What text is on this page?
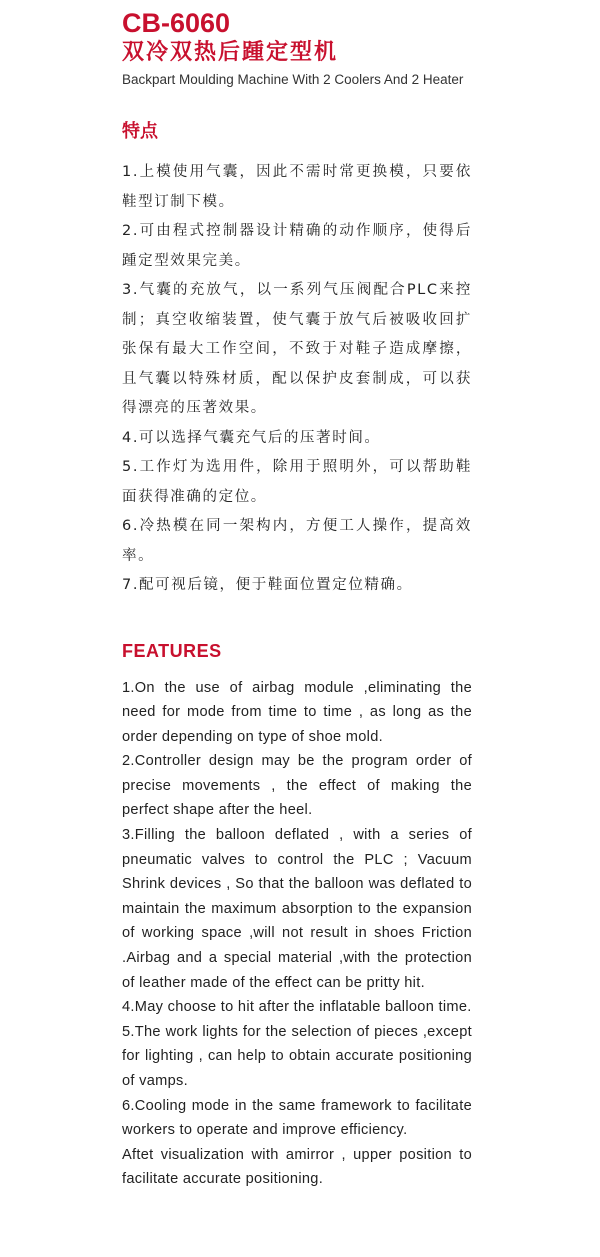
CB-6060
双冷双热后踵定型机
Backpart Moulding Machine With 2 Coolers And 2 Heater
特点
1.上模使用气囊，因此不需时常更换模，只要依鞋型订制下模。
2.可由程式控制器设计精确的动作顺序，使得后踵定型效果完美。
3.气囊的充放气，以一系列气压阀配合PLC来控制；真空收缩装置，使气囊于放气后被吸收回扩张保有最大工作空间，不致于对鞋子造成摩擦，且气囊以特殊材质，配以保护皮套制成，可以获得漂亮的压著效果。
4.可以选择气囊充气后的压著时间。
5.工作灯为选用件，除用于照明外，可以帮助鞋面获得准确的定位。
6.冷热模在同一架构内，方便工人操作，提高效率。
7.配可视后镜，便于鞋面位置定位精确。
FEATURES
1.On the use of airbag module ,eliminating the need for mode from time to time , as long as the order depending on type of shoe mold.
2.Controller design may be the program order of precise movements , the effect of making the perfect shape after the heel.
3.Filling the balloon deflated , with a series of pneumatic valves to control the PLC ; Vacuum Shrink devices , So that the balloon was deflated to maintain the maximum absorption to the expansion of working space ,will not result in shoes Friction .Airbag and a special material ,with the protection of leather made of the effect can be pritty hit.
4.May choose to hit after the inflatable balloon time.
5.The work lights for the selection of pieces ,except for lighting , can help to obtain accurate positioning of vamps.
6.Cooling mode in the same framework to facilitate workers to operate and improve efficiency.
Aftet visualization with amirror , upper position to facilitate accurate positioning.
